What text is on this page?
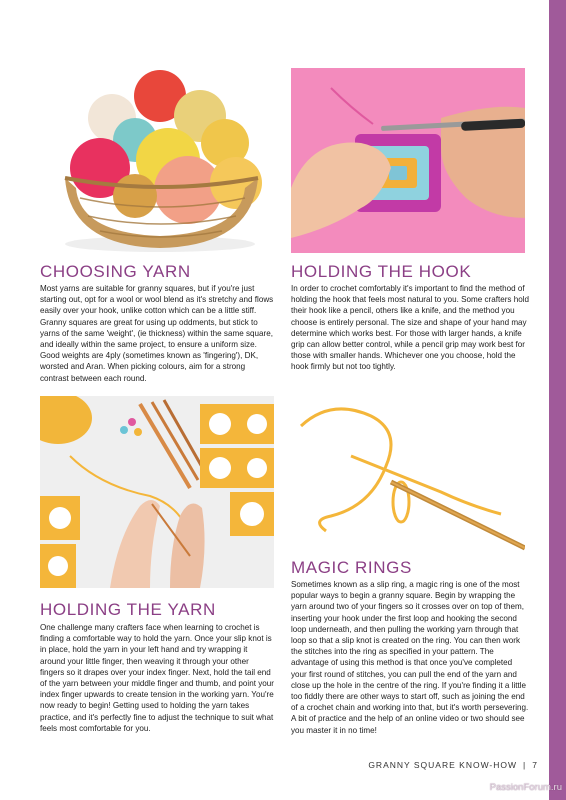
CHOOSING YARN

Most yarns are suitable for granny squares, but if you're just starting out, opt for a wool or wool blend as it's stretchy and flows easily over your hook, unlike cotton which can be a little stiff. Granny squares are great for using up oddments, but stick to yarns of the same 'weight', (ie thickness) within the same square, and ideally within the same project, to ensure a uniform size. Good weights are 4ply (sometimes known as 'fingering'), DK, worsted and Aran. When picking colours, aim for a strong contrast between each round.

HOLDING THE HOOK

In order to crochet comfortably it's important to find the method of holding the hook that feels most natural to you. Some crafters hold their hook like a pencil, others like a knife, and the method you choose is entirely personal. The size and shape of your hand may determine which works best. For those with larger hands, a knife grip can allow better control, while a pencil grip may work best for those with smaller hands. Whichever one you choose, hold the hook firmly but not too tightly.

MAGIC RINGS

Sometimes known as a slip ring, a magic ring is one of the most popular ways to begin a granny square. Begin by wrapping the yarn around two of your fingers so it crosses over on top of them, inserting your hook under the first loop and hooking the second loop underneath, and then pulling the working yarn through that loop so that a slip knot is created on the ring. You can then work the stitches into the ring as specified in your pattern. The advantage of using this method is that once you've completed your first round of stitches, you can pull the end of the yarn and close up the hole in the centre of the ring. If you're finding it a little too fiddly there are other ways to start off, such as joining the end of a crochet chain and working into that, but it's worth persevering. A bit of practice and the help of an online video or two should see you master it in no time!

HOLDING THE YARN

One challenge many crafters face when learning to crochet is finding a comfortable way to hold the yarn. Once your slip knot is in place, hold the yarn in your left hand and try wrapping it around your little finger, then weaving it through your other fingers so it drapes over your index finger. Next, hold the tail end of the yarn between your middle finger and thumb, and point your index finger upwards to create tension in the working yarn. You're now ready to begin! Getting used to holding the yarn takes practice, and it's perfectly fine to adjust the technique to suit what feels most comfortable for you.

GRANNY SQUARE KNOW-HOW | 7
PassionForum.ru
